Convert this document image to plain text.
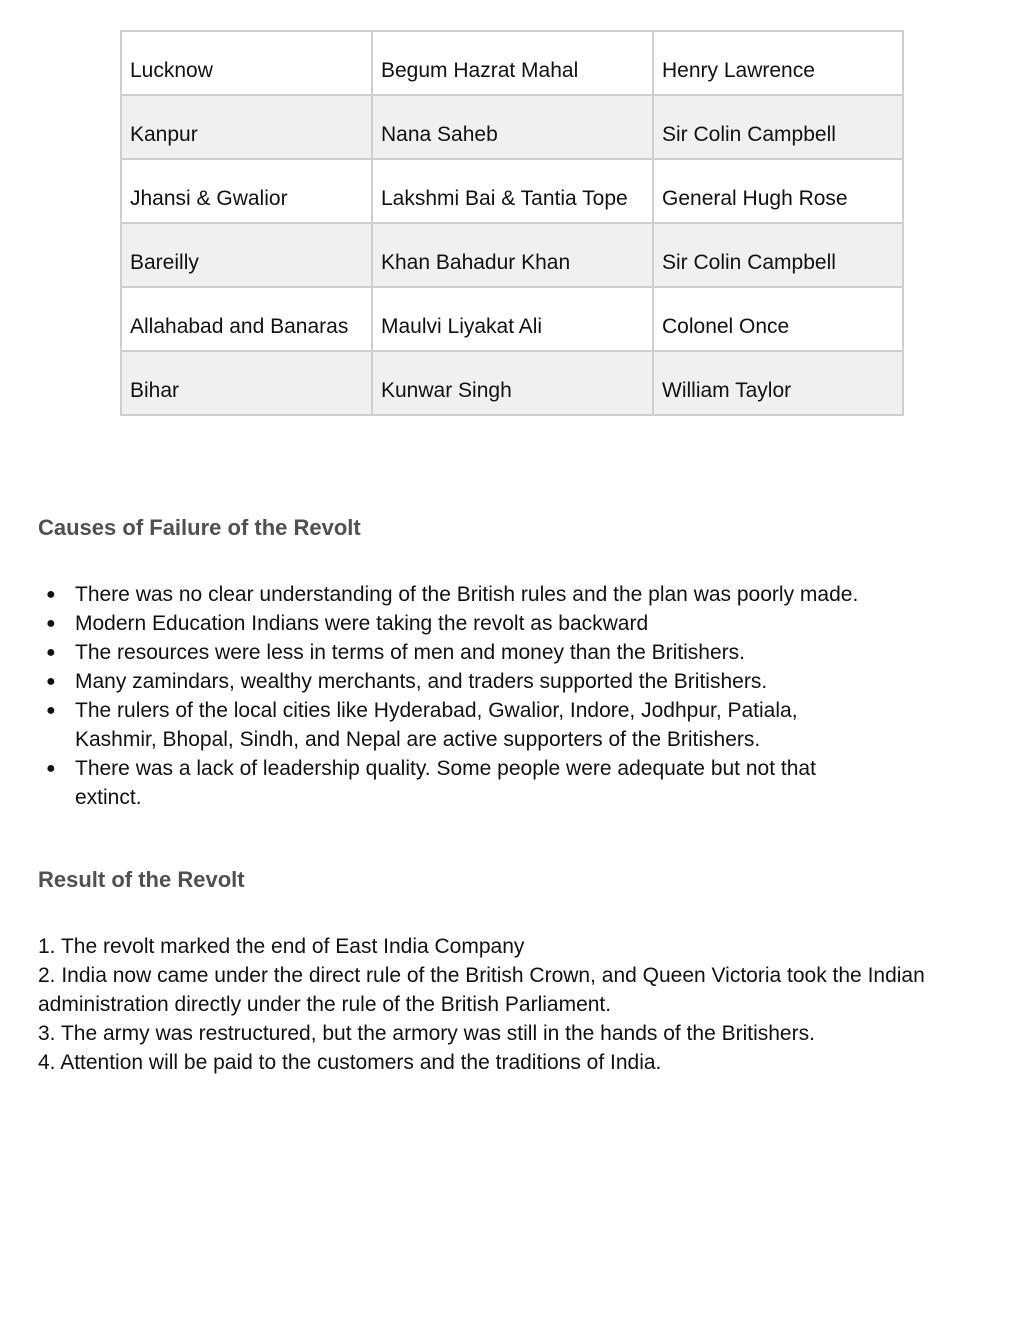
Lucknow	Begum Hazrat Mahal	Henry Lawrence
Kanpur	Nana Saheb	Sir Colin Campbell
Jhansi & Gwalior	Lakshmi Bai & Tantia Tope	General Hugh Rose
Bareilly	Khan Bahadur Khan	Sir Colin Campbell
Allahabad and Banaras	Maulvi Liyakat Ali	Colonel Once
Bihar	Kunwar Singh	William Taylor
Causes of Failure of the Revolt
● There was no clear understanding of the British rules and the plan was poorly made.
● Modern Education Indians were taking the revolt as backward
● The resources were less in terms of men and money than the Britishers.
● Many zamindars, wealthy merchants, and traders supported the Britishers.
● The rulers of the local cities like Hyderabad, Gwalior, Indore, Jodhpur, Patiala, Kashmir, Bhopal, Sindh, and Nepal are active supporters of the Britishers.
● There was a lack of leadership quality. Some people were adequate but not that extinct.
Result of the Revolt
1. The revolt marked the end of East India Company
2. India now came under the direct rule of the British Crown, and Queen Victoria took the Indian administration directly under the rule of the British Parliament.
3. The army was restructured, but the armory was still in the hands of the Britishers.
4. Attention will be paid to the customers and the traditions of India.
